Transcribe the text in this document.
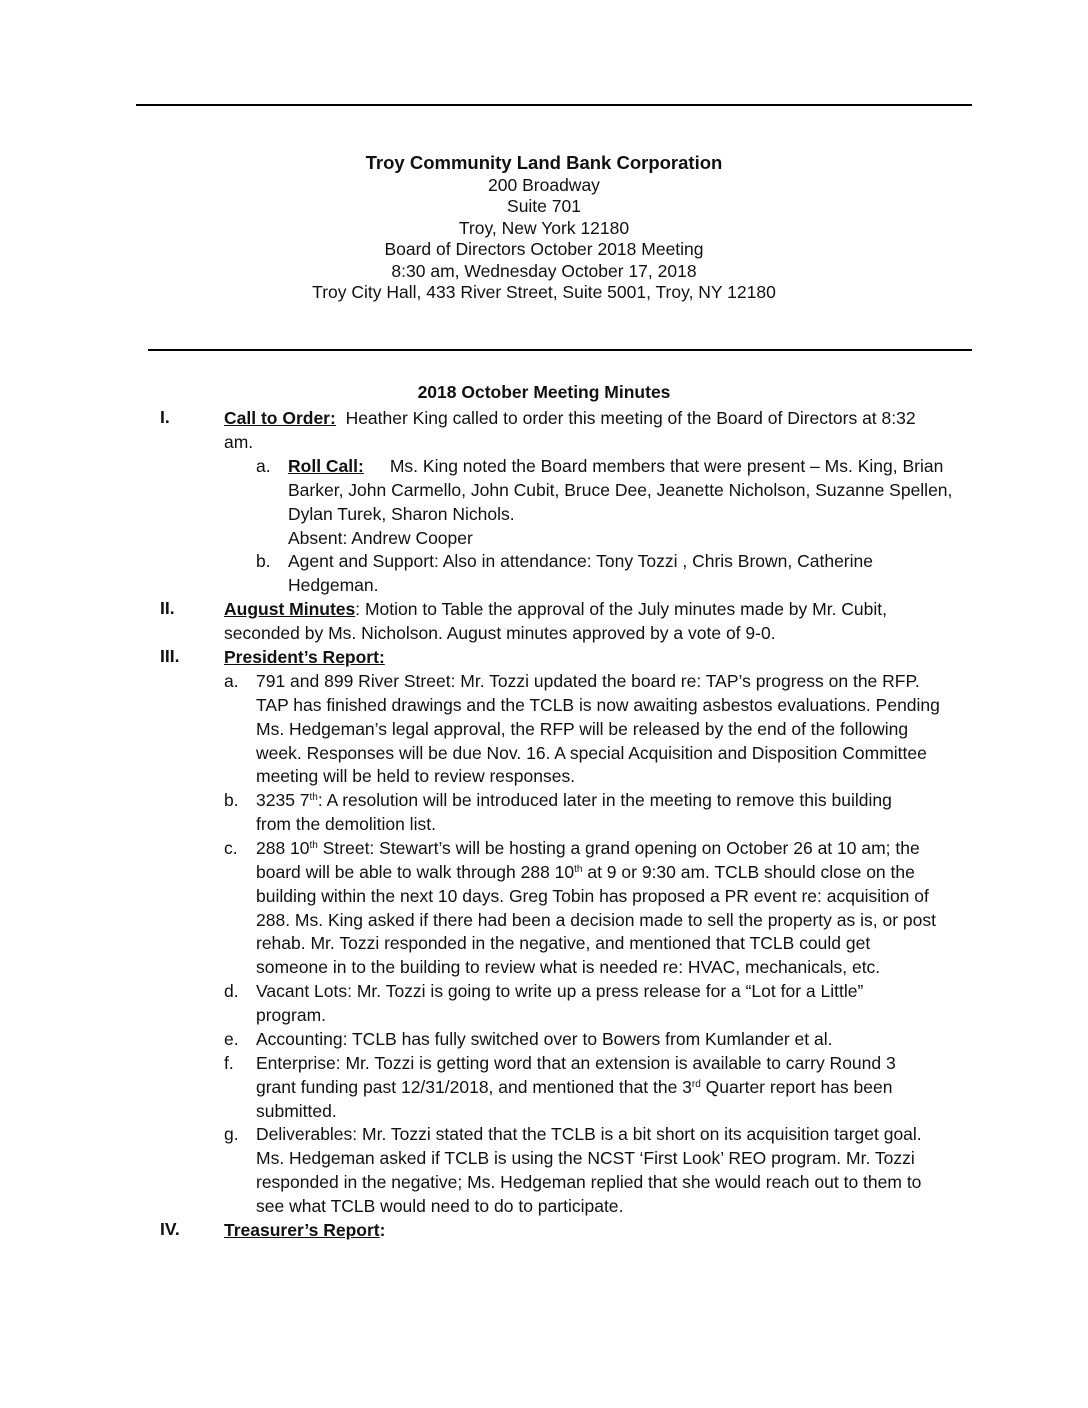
Troy Community Land Bank Corporation
200 Broadway
Suite 701
Troy, New York 12180
Board of Directors October 2018 Meeting
8:30 am, Wednesday October 17, 2018
Troy City Hall, 433 River Street, Suite 5001, Troy, NY 12180
2018 October Meeting Minutes
I.	Call to Order: Heather King called to order this meeting of the Board of Directors at 8:32
am.
a. Roll Call: Ms. King noted the Board members that were present – Ms. King, Brian
Barker, John Carmello, John Cubit, Bruce Dee, Jeanette Nicholson, Suzanne Spellen,
Dylan Turek, Sharon Nichols.
Absent: Andrew Cooper
b. Agent and Support: Also in attendance: Tony Tozzi , Chris Brown, Catherine
Hedgeman.
II.	August Minutes: Motion to Table the approval of the July minutes made by Mr. Cubit,
seconded by Ms. Nicholson. August minutes approved by a vote of 9-0.
III.	President’s Report:
a. 791 and 899 River Street: Mr. Tozzi updated the board re: TAP’s progress on the RFP.
TAP has finished drawings and the TCLB is now awaiting asbestos evaluations. Pending
Ms. Hedgeman’s legal approval, the RFP will be released by the end of the following
week. Responses will be due Nov. 16. A special Acquisition and Disposition Committee
meeting will be held to review responses.
b. 3235 7th: A resolution will be introduced later in the meeting to remove this building
from the demolition list.
c. 288 10th Street: Stewart’s will be hosting a grand opening on October 26 at 10 am; the
board will be able to walk through 288 10th at 9 or 9:30 am. TCLB should close on the
building within the next 10 days. Greg Tobin has proposed a PR event re: acquisition of
288. Ms. King asked if there had been a decision made to sell the property as is, or post
rehab. Mr. Tozzi responded in the negative, and mentioned that TCLB could get
someone in to the building to review what is needed re: HVAC, mechanicals, etc.
d. Vacant Lots: Mr. Tozzi is going to write up a press release for a “Lot for a Little”
program.
e. Accounting: TCLB has fully switched over to Bowers from Kumlander et al.
f. Enterprise: Mr. Tozzi is getting word that an extension is available to carry Round 3
grant funding past 12/31/2018, and mentioned that the 3rd Quarter report has been
submitted.
g. Deliverables: Mr. Tozzi stated that the TCLB is a bit short on its acquisition target goal.
Ms. Hedgeman asked if TCLB is using the NCST ‘First Look’ REO program. Mr. Tozzi
responded in the negative; Ms. Hedgeman replied that she would reach out to them to
see what TCLB would need to do to participate.
IV.	Treasurer’s Report:
